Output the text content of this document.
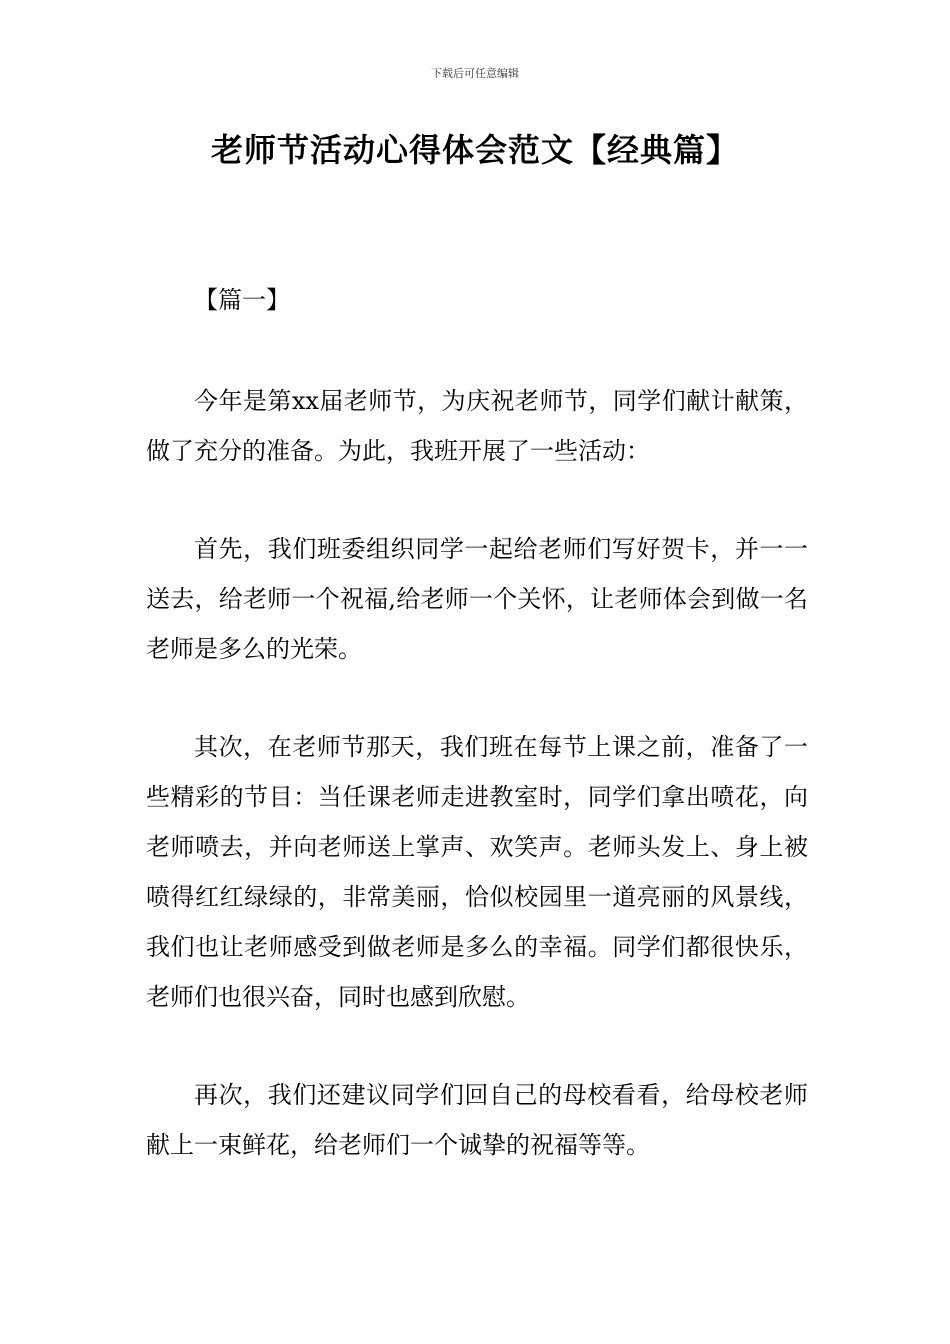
下载后可任意编辑
老师节活动心得体会范文【经典篇】

【篇一】

今年是第xx届老师节，为庆祝老师节，同学们献计献策，做了充分的准备。为此，我班开展了一些活动：

首先，我们班委组织同学一起给老师们写好贺卡，并一一送去，给老师一个祝福,给老师一个关怀，让老师体会到做一名老师是多么的光荣。

其次，在老师节那天，我们班在每节上课之前，准备了一些精彩的节目：当任课老师走进教室时，同学们拿出喷花，向老师喷去，并向老师送上掌声、欢笑声。老师头发上、身上被喷得红红绿绿的，非常美丽，恰似校园里一道亮丽的风景线，我们也让老师感受到做老师是多么的幸福。同学们都很快乐，老师们也很兴奋，同时也感到欣慰。

再次，我们还建议同学们回自己的母校看看，给母校老师献上一束鲜花，给老师们一个诚挚的祝福等等。
